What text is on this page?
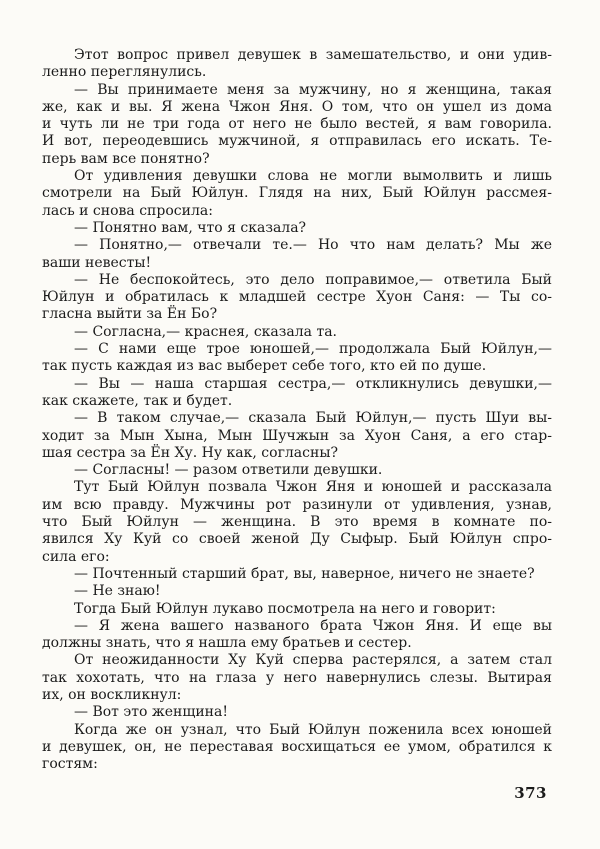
Этот вопрос привел девушек в замешательство, и они удив-
ленно переглянулись.
— Вы принимаете меня за мужчину, но я женщина, такая
же, как и вы. Я жена Чжон Яня. О том, что он ушел из дома
и чуть ли не три года от него не было вестей, я вам говорила.
И вот, переодевшись мужчиной, я отправилась его искать. Те-
перь вам все понятно?
От удивления девушки слова не могли вымолвить и лишь
смотрели на Бый Юйлун. Глядя на них, Бый Юйлун рассмея-
лась и снова спросила:
— Понятно вам, что я сказала?
— Понятно,— отвечали те.— Но что нам делать? Мы же
ваши невесты!
— Не беспокойтесь, это дело поправимое,— ответила Бый
Юйлун и обратилась к младшей сестре Хуон Саня: — Ты со-
гласна выйти за Ён Бо?
— Согласна,— краснея, сказала та.
— С нами еще трое юношей,— продолжала Бый Юйлун,—
так пусть каждая из вас выберет себе того, кто ей по душе.
— Вы — наша старшая сестра,— откликнулись девушки,—
как скажете, так и будет.
— В таком случае,— сказала Бый Юйлун,— пусть Шуи вы-
ходит за Мын Хына, Мын Шучжын за Хуон Саня, а его стар-
шая сестра за Ён Ху. Ну как, согласны?
— Согласны! — разом ответили девушки.
Тут Бый Юйлун позвала Чжон Яня и юношей и рассказала
им всю правду. Мужчины рот разинули от удивления, узнав,
что Бый Юйлун — женщина. В это время в комнате по-
явился Ху Куй со своей женой Ду Сыфыр. Бый Юйлун спро-
сила его:
— Почтенный старший брат, вы, наверное, ничего не знаете?
— Не знаю!
Тогда Бый Юйлун лукаво посмотрела на него и говорит:
— Я жена вашего названого брата Чжон Яня. И еще вы
должны знать, что я нашла ему братьев и сестер.
От неожиданности Ху Куй сперва растерялся, а затем стал
так хохотать, что на глаза у него навернулись слезы. Вытирая
их, он воскликнул:
— Вот это женщина!
Когда же он узнал, что Бый Юйлун поженила всех юношей
и девушек, он, не переставая восхищаться ее умом, обратился к
гостям:
373
